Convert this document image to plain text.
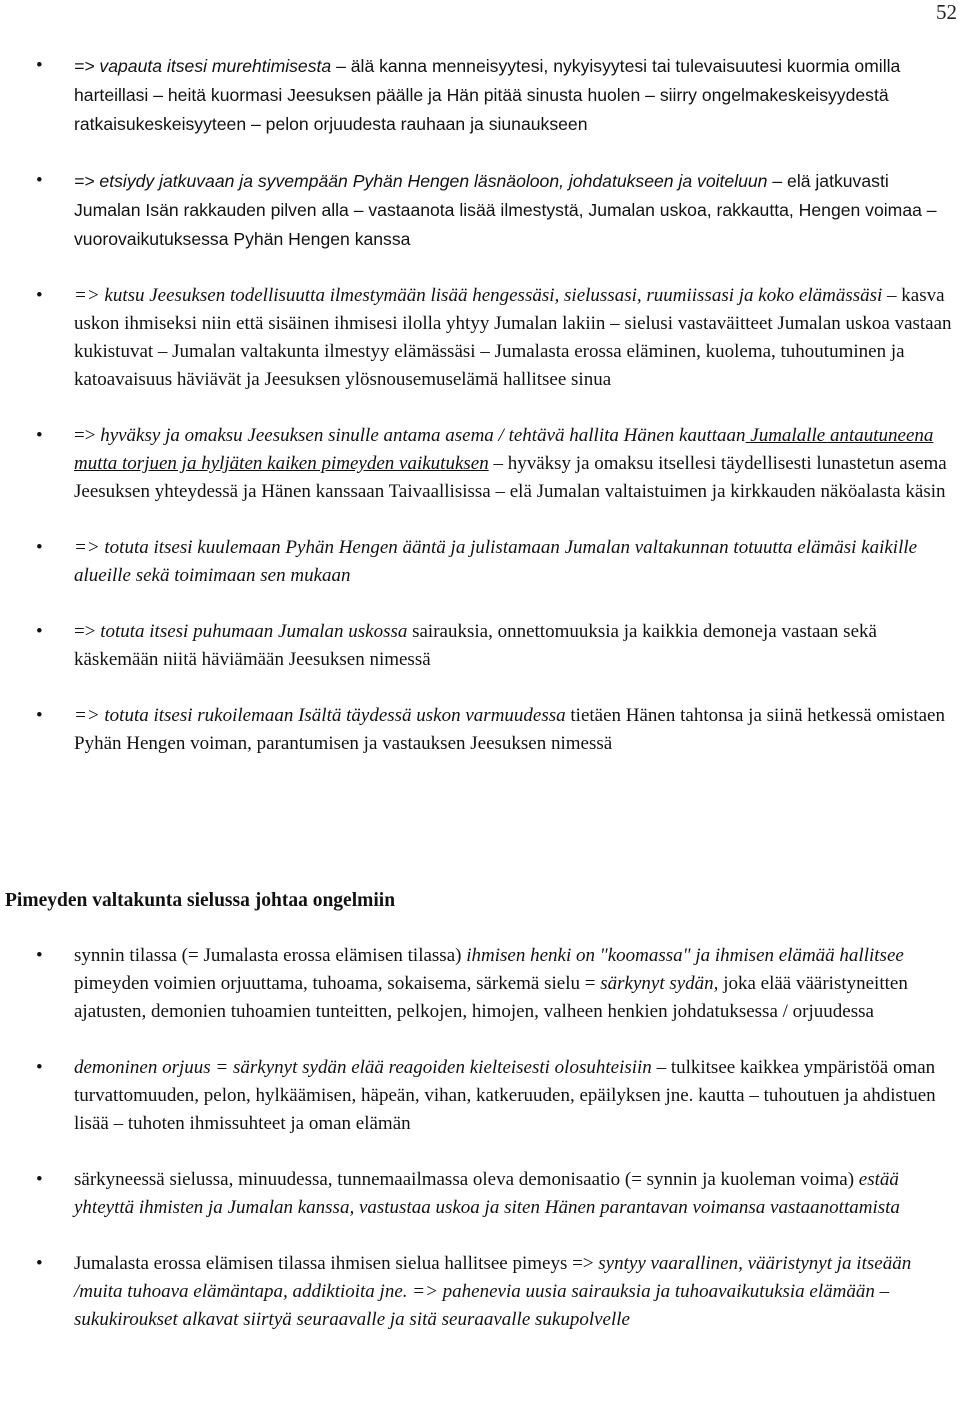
52
• => vapauta itsesi murehtimisesta – älä kanna menneisyytesi, nykyisyytesi tai tulevaisuutesi kuormia omilla harteillasi – heitä kuormasi Jeesuksen päälle ja Hän pitää sinusta huolen – siirry ongelmakeskeisyydestä ratkaisukeskeisyyteen – pelon orjuudesta rauhaan ja siunaukseen
• => etsiydy jatkuvaan ja syvempään Pyhän Hengen läsnäoloon, johdatukseen ja voiteluun – elä jatkuvasti Jumalan Isän rakkauden pilven alla – vastaanota lisää ilmestystä, Jumalan uskoa, rakkautta, Hengen voimaa – vuorovaikutuksessa Pyhän Hengen kanssa
• => kutsu Jeesuksen todellisuutta ilmestymään lisää hengessäsi, sielussasi, ruumiissasi ja koko elämässäsi – kasva uskon ihmiseksi niin että sisäinen ihmisesi ilolla yhtyy Jumalan lakiin – sielusi vastaväitteet Jumalan uskoa vastaan kukistuvat – Jumalan valtakunta ilmestyy elämässäsi – Jumalasta erossa eläminen, kuolema, tuhoutuminen ja katoavaisuus häviävät ja Jeesuksen ylösnousemuselämä hallitsee sinua
• => hyväksy ja omaksu Jeesuksen sinulle antama asema / tehtävä hallita Hänen kauttaan Jumalalle antautuneena mutta torjuen ja hyljäten kaiken pimeyden vaikutuksen – hyväksy ja omaksu itsellesi täydellisesti lunastetun asema Jeesuksen yhteydessä ja Hänen kanssaan Taivaallisissa – elä Jumalan valtaistuimen ja kirkkauden näköalasta käsin
• => totuta itsesi kuulemaan Pyhän Hengen ääntä ja julistamaan Jumalan valtakunnan totuutta elämäsi kaikille alueille sekä toimimaan sen mukaan
• => totuta itsesi puhumaan Jumalan uskossa sairauksia, onnettomuuksia ja kaikkia demoneja vastaan sekä käskemään niitä häviämään Jeesuksen nimessä
• => totuta itsesi rukoilemaan Isältä täydessä uskon varmuudessa tietäen Hänen tahtonsa ja siinä hetkessä omistaen Pyhän Hengen voiman, parantumisen ja vastauksen Jeesuksen nimessä
Pimeyden valtakunta sielussa johtaa ongelmiin
• synnin tilassa (= Jumalasta erossa elämisen tilassa) ihmisen henki on "koomassa" ja ihmisen elämää hallitsee pimeyden voimien orjuuttama, tuhoama, sokaisema, särkemä sielu = särkynyt sydän, joka elää vääristyneitten ajatusten, demonien tuhoamien tunteitten, pelkojen, himojen, valheen henkien johdatuksessa / orjuudessa
• demoninen orjuus = särkynyt sydän elää reagoiden kielteisesti olosuhteisiin – tulkitsee kaikkea ympäristöä oman turvattomuuden, pelon, hylkäämisen, häpeän, vihan, katkeruuden, epäilyksen jne. kautta – tuhoutuen ja ahdistuen lisää – tuhoten ihmissuhteet ja oman elämän
• särkyneessä sielussa, minuudessa, tunnemaailmassa oleva demonisaatio (= synnin ja kuoleman voima) estää yhteyttä ihmisten ja Jumalan kanssa, vastustaa uskoa ja siten Hänen parantavan voimansa vastaanottamista
• Jumalasta erossa elämisen tilassa ihmisen sielua hallitsee pimeys => syntyy vaarallinen, vääristynyt ja itseään /muita tuhoava elämäntapa, addiktioita jne. => pahenevia uusia sairauksia ja tuhoavaikutuksia elämään – sukukiroukset alkavat siirtyä seuraavalle ja sitä seuraavalle sukupolvelle
